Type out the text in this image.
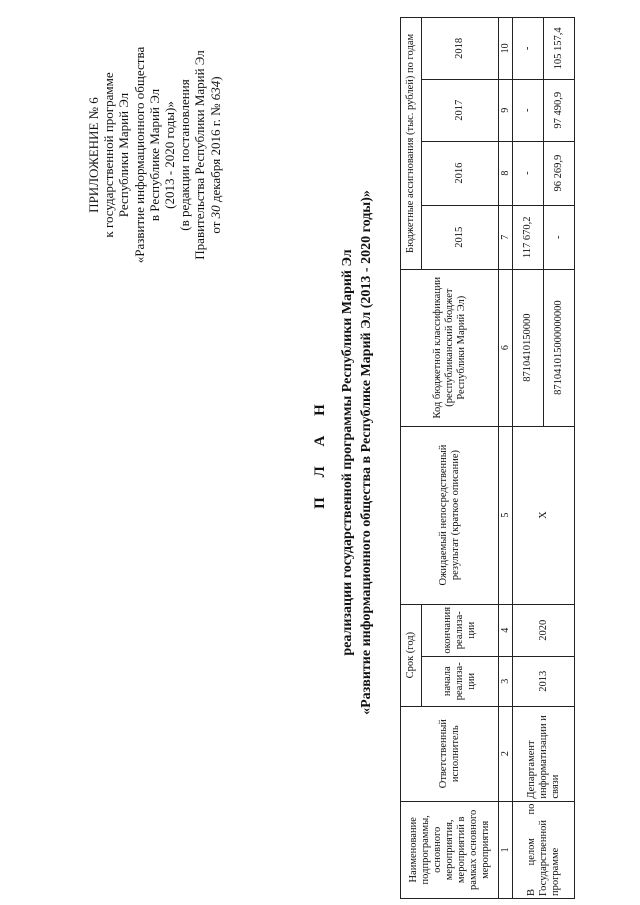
ПРИЛОЖЕНИЕ № 6 к государственной программе Республики Марий Эл «Развитие информационного общества в Республике Марий Эл (2013 - 2020 годы)» (в редакции постановления Правительства Республики Марий Эл от 30 декабря 2016 г. № 634)
П Л А Н реализации государственной программы Республики Марий Эл «Развитие информационного общества в Республике Марий Эл (2013 - 2020 годы)»
Наименование подпрограммы, основного мероприятия, мероприятий в рамках основного мероприятия	Ответственный исполнитель	Срок (год)		Ожидаемый непосредственный результат (краткое описание)	Код бюджетной классификации (республиканский бюджет Республики Марий Эл)	Бюджетные ассигнования (тыс. рублей) по годам			
		начала реализа-ции	окончания реализа-ции			2015	2016	2017	2018
1	2	3	4	5	6	7	8	9	10
В целом по Государственной программе	Департамент информатизации и связи	2013	2020	Х	8710410150000	117 670,2	-	-	-
					871041015000000000	-	96 269,9	97 490,9	105 157,4
